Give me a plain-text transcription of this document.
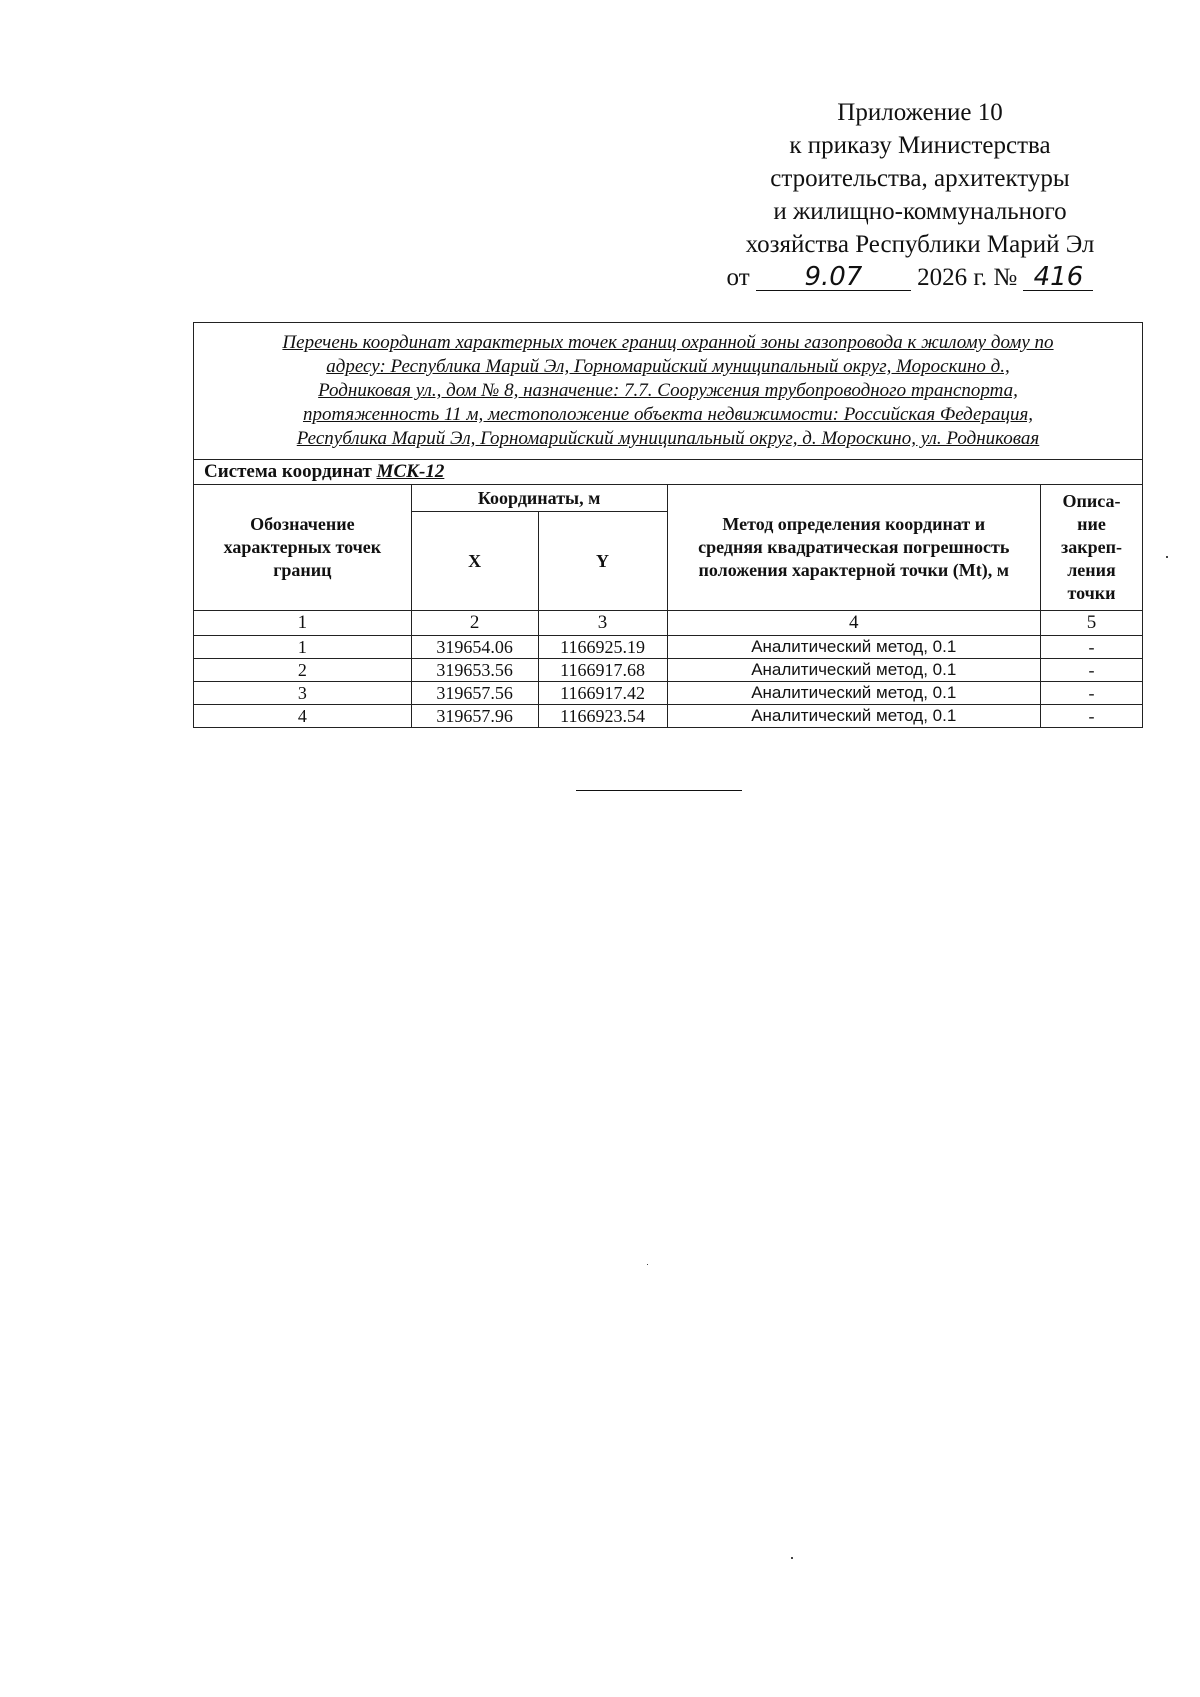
Приложение 10
к приказу Министерства
строительства, архитектуры
и жилищно-коммунального
хозяйства Республики Марий Эл
от 9.07 2026 г. № 416
Перечень координат характерных точек границ охранной зоны газопровода к жилому дому по
адресу: Республика Марий Эл, Горномарийский муниципальный округ, Мороскино д.,
Родниковая ул., дом № 8, назначение: 7.7. Сооружения трубопроводного транспорта,
протяженность 11 м, местоположение объекта недвижимости: Российская Федерация,
Республика Марий Эл, Горномарийский муниципальный округ, д. Мороскино, ул. Родниковая				

Система координат МСК-12				
Обозначение характерных точек границ	Координаты, м		Метод определения координат и средняя квадратическая погрешность положения характерной точки (Mt), м	Описа-ние закреп-ления точки
	X	Y		
1	2	3	4	5
1	319654.06	1166925.19	Аналитический метод, 0.1	-
2	319653.56	1166917.68	Аналитический метод, 0.1	-
3	319657.56	1166917.42	Аналитический метод, 0.1	-
4	319657.96	1166923.54	Аналитический метод, 0.1	-
